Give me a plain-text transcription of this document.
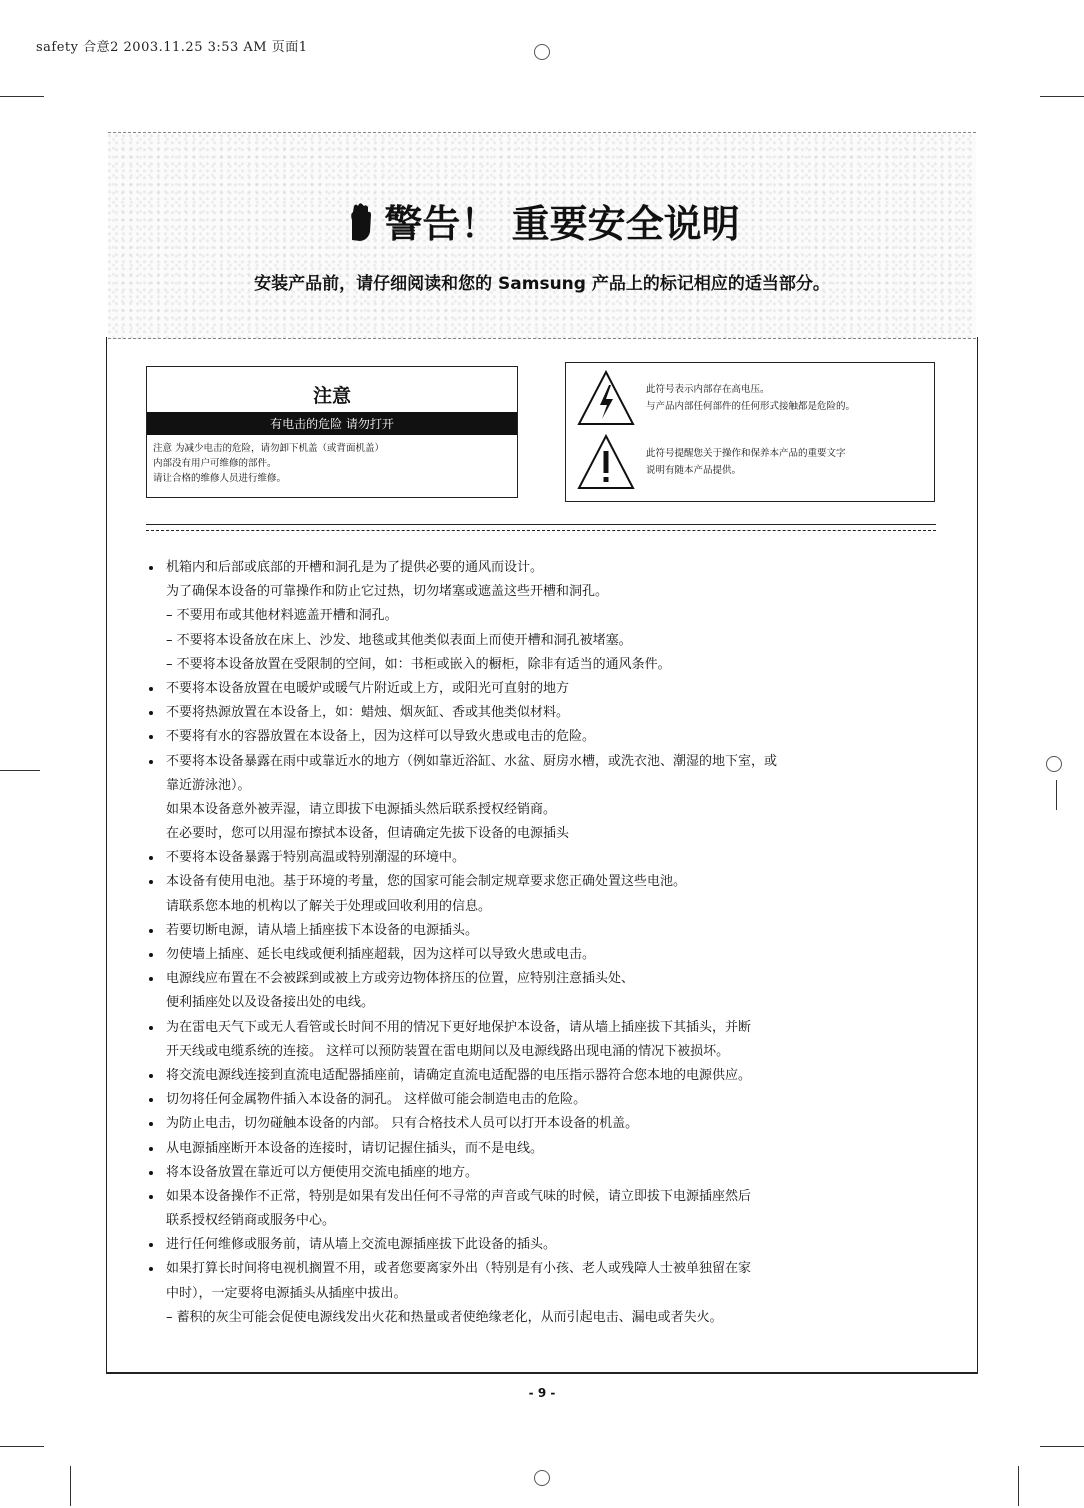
safety 合意2 2003.11.25 3:53 AM 页面1
警告！ 重要安全说明
安装产品前，请仔细阅读和您的 Samsung 产品上的标记相应的适当部分。
注意
有电击的危险 请勿打开
注意 为减少电击的危险，请勿卸下机盖（或背面机盖）
内部没有用户可维修的部件。
请让合格的维修人员进行维修。
此符号表示内部存在高电压。
与产品内部任何部件的任何形式接触都是危险的。
此符号提醒您关于操作和保养本产品的重要文字
说明有随本产品提供。
机箱内和后部或底部的开槽和洞孔是为了提供必要的通风而设计。
为了确保本设备的可靠操作和防止它过热，切勿堵塞或遮盖这些开槽和洞孔。
– 不要用布或其他材料遮盖开槽和洞孔。
– 不要将本设备放在床上、沙发、地毯或其他类似表面上而使开槽和洞孔被堵塞。
– 不要将本设备放置在受限制的空间，如：书柜或嵌入的橱柜，除非有适当的通风条件。
不要将本设备放置在电暖炉或暖气片附近或上方，或阳光可直射的地方
不要将热源放置在本设备上，如：蜡烛、烟灰缸、香或其他类似材料。
不要将有水的容器放置在本设备上，因为这样可以导致火患或电击的危险。
不要将本设备暴露在雨中或靠近水的地方（例如靠近浴缸、水盆、厨房水槽，或洗衣池、潮湿的地下室，或
靠近游泳池）。
如果本设备意外被弄湿，请立即拔下电源插头然后联系授权经销商。
在必要时，您可以用湿布擦拭本设备，但请确定先拔下设备的电源插头
不要将本设备暴露于特别高温或特别潮湿的环境中。
本设备有使用电池。基于环境的考量，您的国家可能会制定规章要求您正确处置这些电池。
请联系您本地的机构以了解关于处理或回收利用的信息。
若要切断电源，请从墙上插座拔下本设备的电源插头。
勿使墙上插座、延长电线或便利插座超载，因为这样可以导致火患或电击。
电源线应布置在不会被踩到或被上方或旁边物体挤压的位置，应特别注意插头处、
便利插座处以及设备接出处的电线。
为在雷电天气下或无人看管或长时间不用的情况下更好地保护本设备，请从墙上插座拔下其插头，并断
开天线或电缆系统的连接。 这样可以预防装置在雷电期间以及电源线路出现电涌的情况下被损坏。
将交流电源线连接到直流电适配器插座前，请确定直流电适配器的电压指示器符合您本地的电源供应。
切勿将任何金属物件插入本设备的洞孔。 这样做可能会制造电击的危险。
为防止电击，切勿碰触本设备的内部。 只有合格技术人员可以打开本设备的机盖。
从电源插座断开本设备的连接时，请切记握住插头，而不是电线。
将本设备放置在靠近可以方便使用交流电插座的地方。
如果本设备操作不正常，特别是如果有发出任何不寻常的声音或气味的时候，请立即拔下电源插座然后
联系授权经销商或服务中心。
进行任何维修或服务前，请从墙上交流电源插座拔下此设备的插头。
如果打算长时间将电视机搁置不用，或者您要离家外出（特别是有小孩、老人或残障人士被单独留在家
中时），一定要将电源插头从插座中拔出。
– 蓄积的灰尘可能会促使电源线发出火花和热量或者使绝缘老化，从而引起电击、漏电或者失火。
- 9 -
